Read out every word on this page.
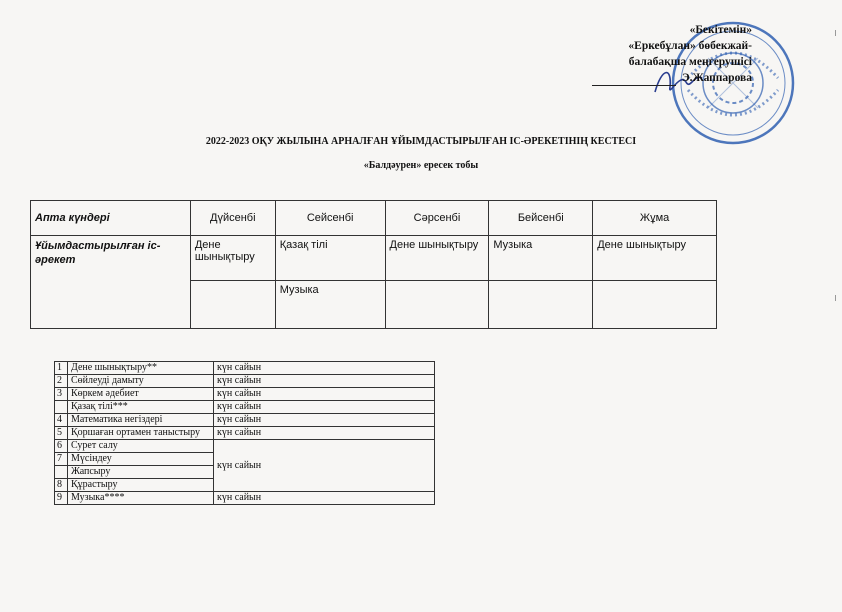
«Бекітемін»
«Еркебұлан» бөбекжай-
балабақша меңгерушісі
Э.Жаппарова
2022-2023 ОҚУ ЖЫЛЫНА АРНАЛҒАН ҰЙЫМДАСТЫРЫЛҒАН ІС-ӘРЕКЕТІНІҢ КЕСТЕСІ
«Балдәурен» ересек тобы
Апта күндері	Дүйсенбі	Сейсенбі	Сәрсенбі	Бейсенбі	Жұма
Ұйымдастырылған іс-әрекет	Дене шынықтыру	Қазақ тілі	Дене шынықтыру	Музыка	Дене шынықтыру
		Музыка			
1	Дене шынықтыру**	күн сайын
2	Сөйлеуді дамыту	күн сайын
3	Көркем әдебиет	күн сайын
	Қазақ тілі***	күн сайын
4	Математика негіздері	күн сайын
5	Қоршаған ортамен таныстыру	күн сайын
6	Сурет салу	күн сайын
7	Мүсіндеу	
	Жапсыру	
8	Құрастыру	
9	Музыка****	күн сайын
